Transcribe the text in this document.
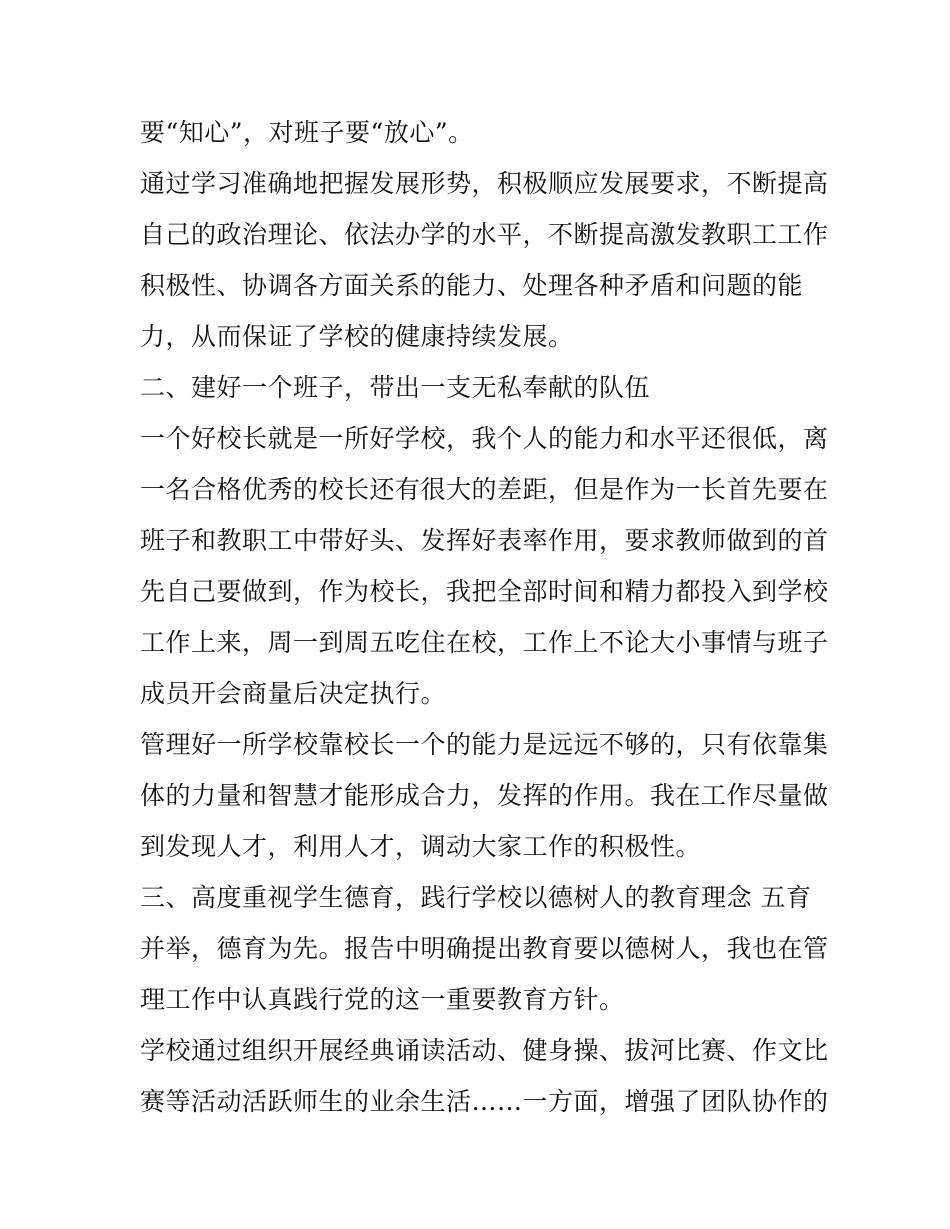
要“知心”，对班子要“放心”。
通过学习准确地把握发展形势，积极顺应发展要求，不断提高
自己的政治理论、依法办学的水平，不断提高激发教职工工作
积极性、协调各方面关系的能力、处理各种矛盾和问题的能
力，从而保证了学校的健康持续发展。
二、建好一个班子，带出一支无私奉献的队伍
一个好校长就是一所好学校，我个人的能力和水平还很低，离
一名合格优秀的校长还有很大的差距，但是作为一长首先要在
班子和教职工中带好头、发挥好表率作用，要求教师做到的首
先自己要做到，作为校长，我把全部时间和精力都投入到学校
工作上来，周一到周五吃住在校，工作上不论大小事情与班子
成员开会商量后决定执行。
管理好一所学校靠校长一个的能力是远远不够的，只有依靠集
体的力量和智慧才能形成合力，发挥的作用。我在工作尽量做
到发现人才，利用人才，调动大家工作的积极性。
三、高度重视学生德育，践行学校以德树人的教育理念 五育
并举，德育为先。报告中明确提出教育要以德树人，我也在管
理工作中认真践行党的这一重要教育方针。
学校通过组织开展经典诵读活动、健身操、拔河比赛、作文比
赛等活动活跃师生的业余生活……一方面，增强了团队协作的
